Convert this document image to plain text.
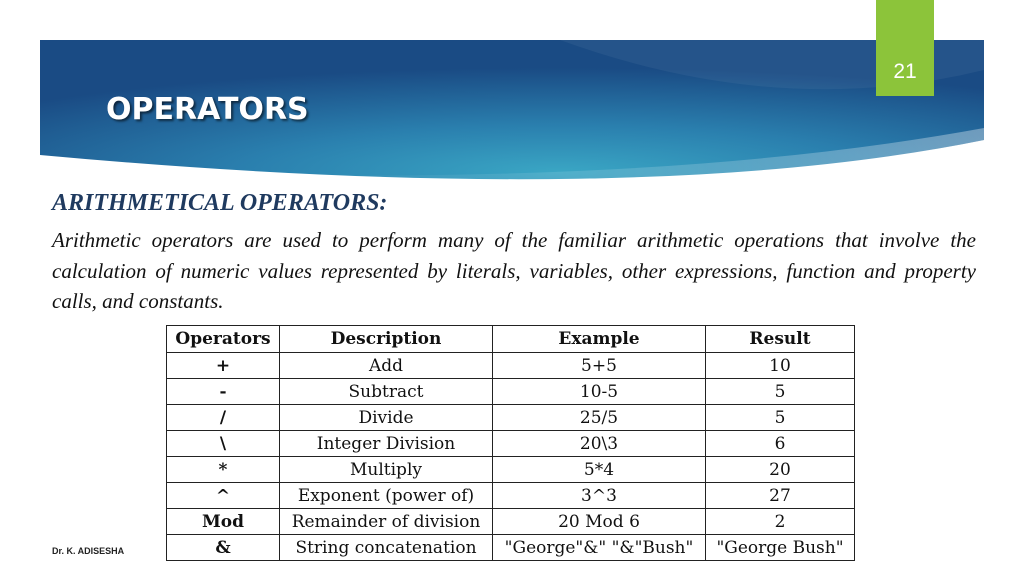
21
OPERATORS
ARITHMETICAL OPERATORS:
Arithmetic operators are used to perform many of the familiar arithmetic operations that involve the calculation of numeric values represented by literals, variables, other expressions, function and property calls, and constants.
Operators	Description	Example	Result
+	Add	5+5	10
-	Subtract	10-5	5
/	Divide	25/5	5
\	Integer Division	20\3	6
*	Multiply	5*4	20
^	Exponent (power of)	3^3	27
Mod	Remainder of division	20 Mod 6	2
&	String concatenation	"George"&" "&"Bush"	"George Bush"
Dr. K. ADISESHA
